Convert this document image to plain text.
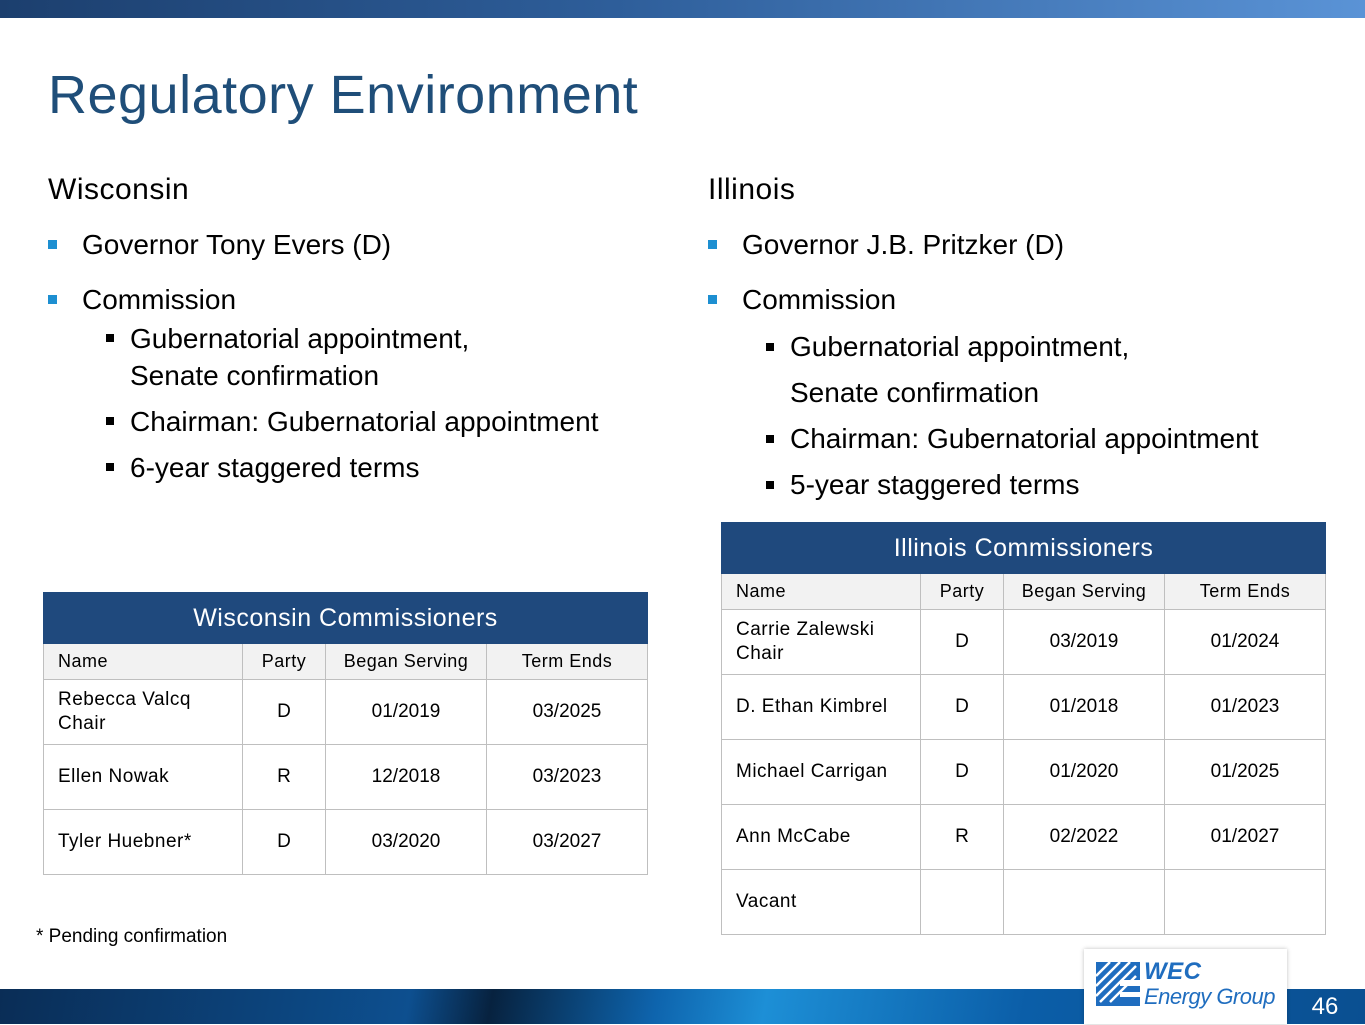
Regulatory Environment

Wisconsin

Governor Tony Evers (D)
Commission
Gubernatorial appointment,
Senate confirmation
Chairman: Gubernatorial appointment
6-year staggered terms

Illinois

Governor J.B. Pritzker (D)
Commission
Gubernatorial appointment,
Senate confirmation
Chairman: Gubernatorial appointment
5-year staggered terms
Wisconsin Commissioners			
Name	Party	Began Serving	Term Ends

Rebecca Valcq
Chair	D	01/2019	03/2025

Ellen Nowak	R	12/2018	03/2023

Tyler Huebner*	D	03/2020	03/2027
Illinois Commissioners			
Name	Party	Began Serving	Term Ends

Carrie Zalewski
Chair	D	03/2019	01/2024

D. Ethan Kimbrel	D	01/2018	01/2023

Michael Carrigan	D	01/2020	01/2025

Ann McCabe	R	02/2022	01/2027

Vacant			

* Pending confirmation

WEC
Energy Group	46
